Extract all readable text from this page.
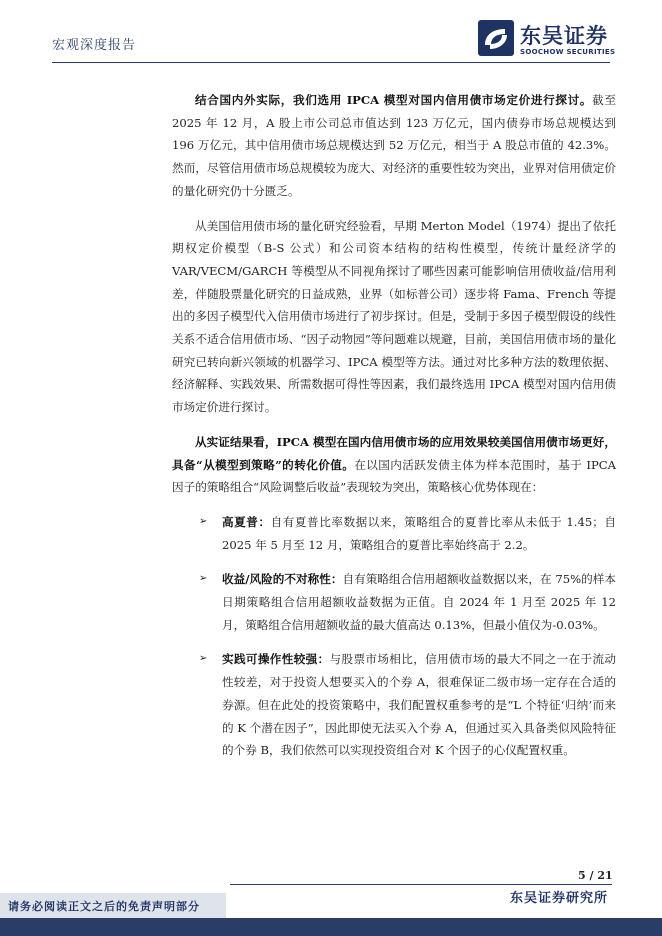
宏观深度报告	东吴证券
SOOCHOW SECURITIES

结合国内外实际，我们选用 IPCA 模型对国内信用债市场定价进行探讨。截至 2025 年 12 月，A 股上市公司总市值达到 123 万亿元，国内债券市场总规模达到 196 万亿元，其中信用债市场总规模达到 52 万亿元，相当于 A 股总市值的 42.3%。然而，尽管信用债市场总规模较为庞大、对经济的重要性较为突出，业界对信用债定价的量化研究仍十分匮乏。

从美国信用债市场的量化研究经验看，早期 Merton Model（1974）提出了依托期权定价模型（B-S 公式）和公司资本结构的结构性模型，传统计量经济学的 VAR/VECM/GARCH 等模型从不同视角探讨了哪些因素可能影响信用债收益/信用利差，伴随股票量化研究的日益成熟，业界（如标普公司）逐步将 Fama、French 等提出的多因子模型代入信用债市场进行了初步探讨。但是，受制于多因子模型假设的线性关系不适合信用债市场、“因子动物园”等问题难以规避，目前，美国信用债市场的量化研究已转向新兴领域的机器学习、IPCA 模型等方法。通过对比多种方法的数理依据、经济解释、实践效果、所需数据可得性等因素，我们最终选用 IPCA 模型对国内信用债市场定价进行探讨。

从实证结果看，IPCA 模型在国内信用债市场的应用效果较美国信用债市场更好，具备“从模型到策略”的转化价值。在以国内活跃发债主体为样本范围时，基于 IPCA 因子的策略组合“风险调整后收益”表现较为突出，策略核心优势体现在：

➢ 高夏普：自有夏普比率数据以来，策略组合的夏普比率从未低于 1.45；自 2025 年 5 月至 12 月，策略组合的夏普比率始终高于 2.2。

➢ 收益/风险的不对称性：自有策略组合信用超额收益数据以来，在 75%的样本日期策略组合信用超额收益数据为正值。自 2024 年 1 月至 2025 年 12 月，策略组合信用超额收益的最大值高达 0.13%，但最小值仅为-0.03%。

➢ 实践可操作性较强：与股票市场相比，信用债市场的最大不同之一在于流动性较差，对于投资人想要买入的个券 A，很难保证二级市场一定存在合适的券源。但在此处的投资策略中，我们配置权重参考的是“L 个特征‘归纳’而来的 K 个潜在因子”，因此即使无法买入个券 A，但通过买入具备类似风险特征的个券 B，我们依然可以实现投资组合对 K 个因子的心仪配置权重。

5 / 21
东吴证券研究所
请务必阅读正文之后的免责声明部分
